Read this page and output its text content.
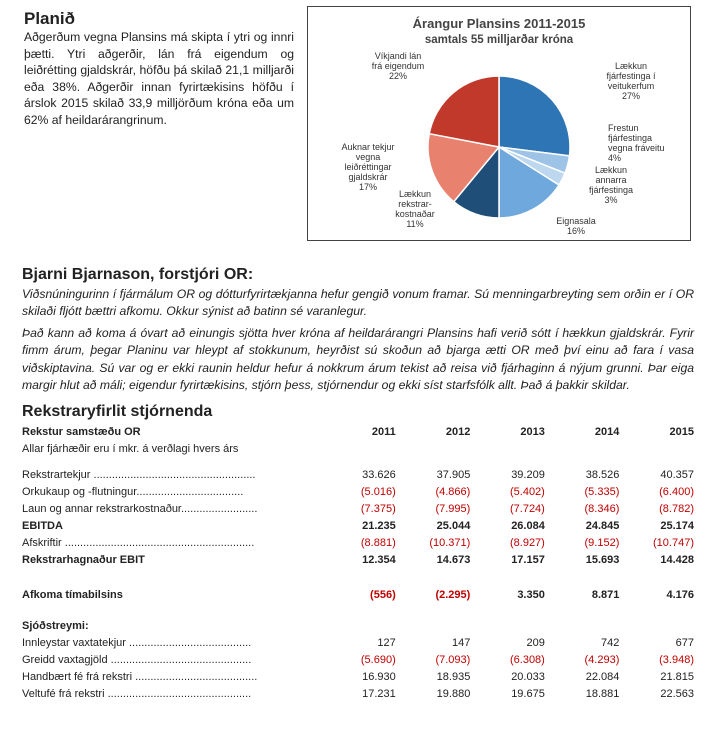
Planið
Aðgerðum vegna Plansins má skipta í ytri og innri þætti. Ytri aðgerðir, lán frá eigendum og leiðrétting gjaldskrár, höfðu þá skilað 21,1 milljarði eða 38%. Aðgerðir innan fyrirtækisins höfðu í árslok 2015 skilað 33,9 milljörðum króna eða um 62% af heildarárangrinum.
Árangur Plansins 2011-2015
samtals 55 milljarðar króna
Lækkun fjárfestinga í veitukerfum 27%
Frestun fjárfestinga vegna fráveitu 4%
Lækkun annarra fjárfestinga 3%
Eignasala 16%
Lækkun rekstrar-kostnaðar 11%
Auknar tekjur vegna leiðréttingar gjaldskrár 17%
Víkjandi lán frá eigendum 22%
Bjarni Bjarnason, forstjóri OR:
Viðsnúningurinn í fjármálum OR og dótturfyrirtækjanna hefur gengið vonum framar. Sú menningarbreyting sem orðin er í OR skilaði fljótt bættri afkomu. Okkur sýnist að batinn sé varanlegur.
Það kann að koma á óvart að einungis sjötta hver króna af heildarárangri Plansins hafi verið sótt í hækkun gjaldskrár. Fyrir fimm árum, þegar Planinu var hleypt af stokkunum, heyrðist sú skoðun að bjarga ætti OR með því einu að fara í vasa viðskiptavina. Sú var og er ekki raunin heldur hefur á nokkrum árum tekist að reisa við fjárhaginn á nýjum grunni. Þar eiga margir hlut að máli; eigendur fyrirtækisins, stjórn þess, stjórnendur og ekki síst starfsfólk allt. Það á þakkir skildar.
Rekstraryfirlit stjórnenda
Rekstur samstæðu OR	2011	2012	2013	2014	2015
Allar fjárhæðir eru í mkr. á verðlagi hvers árs					

Rekstrartekjur .....................................................	33.626	37.905	39.209	38.526	40.357
Orkukaup og -flutningur...................................	(5.016)	(4.866)	(5.402)	(5.335)	(6.400)
Laun og annar rekstrarkostnaður.........................	(7.375)	(7.995)	(7.724)	(8.346)	(8.782)
EBITDA	21.235	25.044	26.084	24.845	25.174
Afskriftir ..............................................................	(8.881)	(10.371)	(8.927)	(9.152)	(10.747)
Rekstrarhagnaður EBIT	12.354	14.673	17.157	15.693	14.428

Afkoma tímabilsins	(556)	(2.295)	3.350	8.871	4.176

Sjóðstreymi:					
Innleystar vaxtatekjur ........................................	127	147	209	742	677
Greidd vaxtagjöld ..............................................	(5.690)	(7.093)	(6.308)	(4.293)	(3.948)
Handbært fé frá rekstri ........................................	16.930	18.935	20.033	22.084	21.815
Veltufé frá rekstri ...............................................	17.231	19.880	19.675	18.881	22.563
